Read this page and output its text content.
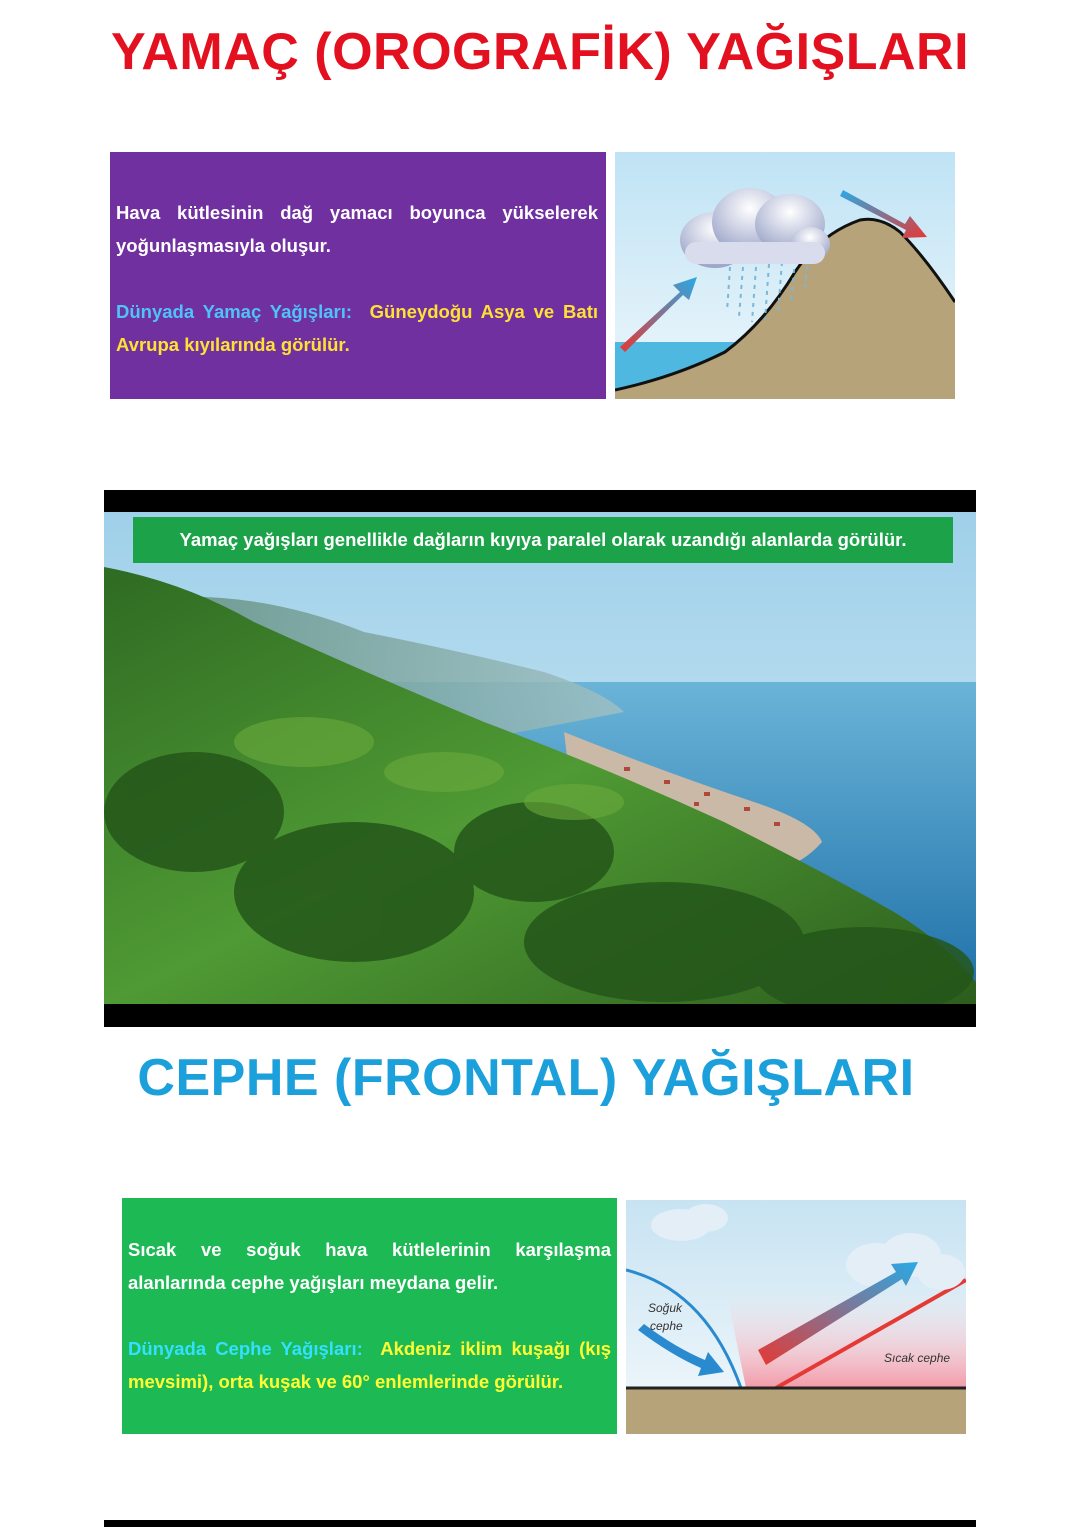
YAMAÇ (OROGRAFİK) YAĞIŞLARI

Hava kütlesinin dağ yamacı boyunca yükselerek yoğunlaşmasıyla oluşur.

Dünyada Yamaç Yağışları: Güneydoğu Asya ve Batı Avrupa kıyılarında görülür.

Yamaç yağışları genellikle dağların kıyıya paralel olarak uzandığı alanlarda görülür.
CEPHE (FRONTAL) YAĞIŞLARI

Sıcak ve soğuk hava kütlelerinin karşılaşma alanlarında cephe yağışları meydana gelir.

Dünyada Cephe Yağışları: Akdeniz iklim kuşağı (kış mevsimi), orta kuşak ve 60° enlemlerinde görülür.

Soğuk
cephe
Sıcak cephe
